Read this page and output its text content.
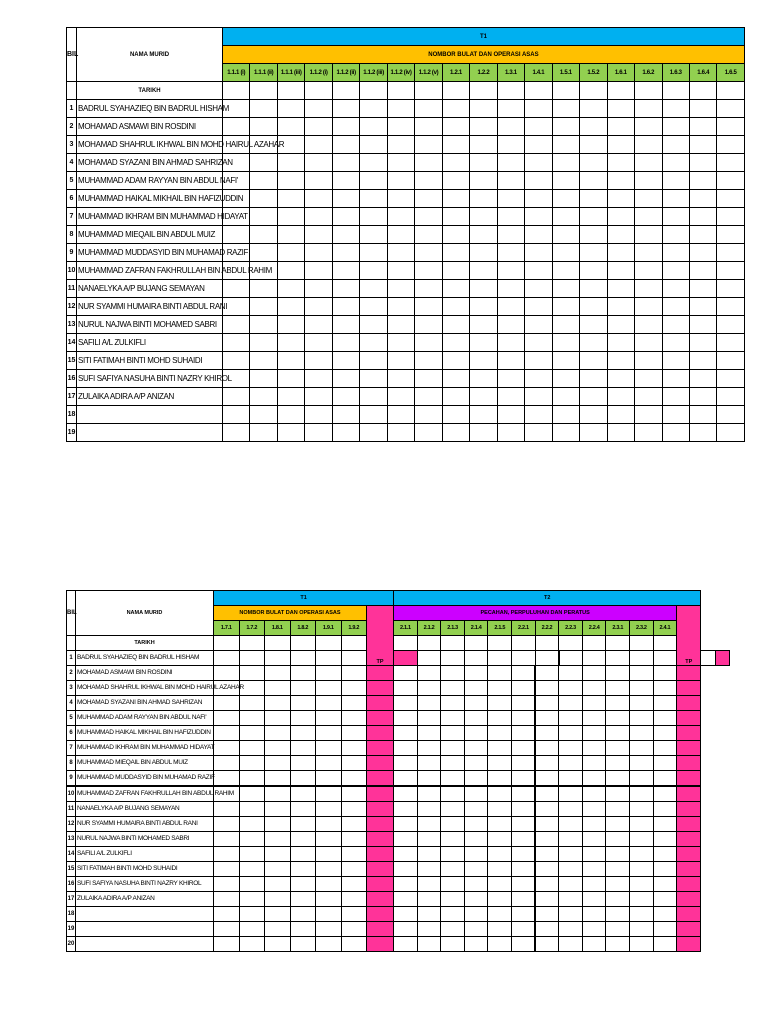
BIL	NAMA MURID	T1																		
		NOMBOR BULAT DAN OPERASI ASAS																		
		1.1.1 (i)	1.1.1 (ii)	1.1.1 (iii)	1.1.2 (i)	1.1.2 (ii)	1.1.2 (iii)	1.1.2 (iv)	1.1.2 (v)	1.2.1	1.2.2	1.3.1	1.4.1	1.5.1	1.5.2	1.6.1	1.6.2	1.6.3	1.6.4	1.6.5
	TARIKH																			
1	BADRUL SYAHAZIEQ BIN BADRUL HISHAM																			
2	MOHAMAD ASMAWI BIN ROSDINI																			
3	MOHAMAD SHAHRUL IKHWAL BIN MOHD HAIRUL AZAHAR																			
4	MOHAMAD SYAZANI BIN AHMAD SAHRIZAN																			
5	MUHAMMAD ADAM RAYYAN BIN ABDUL NAFI'																			
6	MUHAMMAD HAIKAL MIKHAIL BIN HAFIZUDDIN																			
7	MUHAMMAD IKHRAM BIN MUHAMMAD HIDAYAT																			
8	MUHAMMAD MIEQAIL BIN ABDUL MUIZ																			
9	MUHAMMAD MUDDASYID BIN MUHAMAD RAZIF																			
10	MUHAMMAD ZAFRAN FAKHRULLAH BIN ABDUL RAHIM																			
11	NANAELYKA A/P BUJANG SEMAYAN																			
12	NUR SYAMMI HUMAIRA BINTI ABDUL RANI																			
13	NURUL NAJWA BINTI MOHAMED SABRI																			
14	SAFILI A/L ZULKIFLI																			
15	SITI FATIMAH BINTI MOHD SUHAIDI																			
16	SUFI SAFIYA NASUHA BINTI NAZRY KHIROL																			
17	ZULAIKA ADIRA A/P ANIZAN																			
18																				
19																				
BIL	NAMA MURID	T1							T2														
		NOMBOR BULAT DAN OPERASI ASAS						TP	PECAHAN, PERPULUHAN DAN PERATUS												TP		
		1.7.1	1.7.2	1.8.1	1.8.2	1.9.1	1.9.2		2.1.1	2.1.2	2.1.3	2.1.4	2.1.5	2.2.1	2.2.2	2.2.3	2.2.4	2.3.1	2.3.2	2.4.1			
	TARIKH																						
1	BADRUL SYAHAZIEQ BIN BADRUL HISHAM																						
2	MOHAMAD ASMAWI BIN ROSDINI																						
3	MOHAMAD SHAHRUL IKHWAL BIN MOHD HAIRUL AZAHAR																						
4	MOHAMAD SYAZANI BIN AHMAD SAHRIZAN																						
5	MUHAMMAD ADAM RAYYAN BIN ABDUL NAFI'																						
6	MUHAMMAD HAIKAL MIKHAIL BIN HAFIZUDDIN																						
7	MUHAMMAD IKHRAM BIN MUHAMMAD HIDAYAT																						
8	MUHAMMAD MIEQAIL BIN ABDUL MUIZ																						
9	MUHAMMAD MUDDASYID BIN MUHAMAD RAZIF																						
10	MUHAMMAD ZAFRAN FAKHRULLAH BIN ABDUL RAHIM																						
11	NANAELYKA A/P BUJANG SEMAYAN																						
12	NUR SYAMMI HUMAIRA BINTI ABDUL RANI																						
13	NURUL NAJWA BINTI MOHAMED SABRI																						
14	SAFILI A/L ZULKIFLI																						
15	SITI FATIMAH BINTI MOHD SUHAIDI																						
16	SUFI SAFIYA NASUHA BINTI NAZRY KHIROL																						
17	ZULAIKA ADIRA A/P ANIZAN																						
18																							
19																							
20																							
